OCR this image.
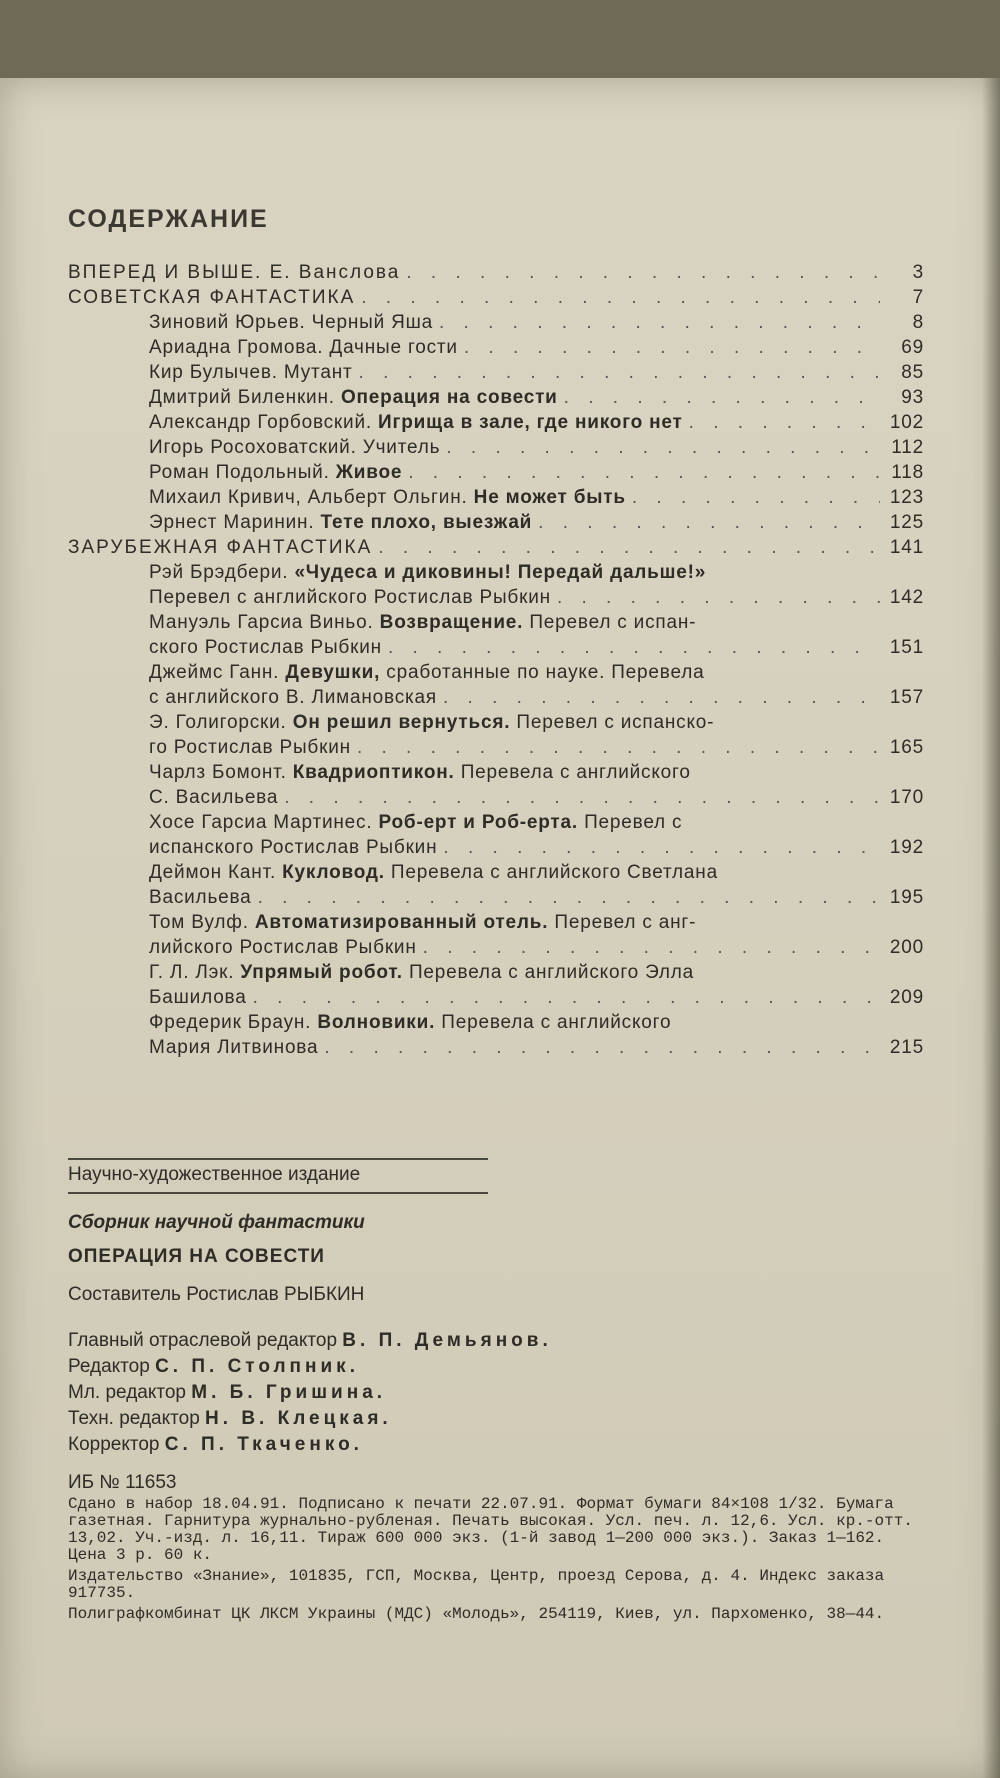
СОДЕРЖАНИЕ
ВПЕРЕД И ВЫШЕ. Е. Ванслова . . .	3
СОВЕТСКАЯ ФАНТАСТИКА . . .	7
Зиновий Юрьев. Черный Яша . . .	8
Ариадна Громова. Дачные гости . . .	69
Кир Булычев. Мутант . . .	85
Дмитрий Биленкин. Операция на совести . . .	93
Александр Горбовский. Игрища в зале, где никого нет . . .	102
Игорь Росоховатский. Учитель . . .	112
Роман Подольный. Живое . . .	118
Михаил Кривич, Альберт Ольгин. Не может быть . . .	123
Эрнест Маринин. Тете плохо, выезжай . . .	125
ЗАРУБЕЖНАЯ ФАНТАСТИКА . . .	141
Рэй Брэдбери. «Чудеса и диковины! Передай дальше!»
Перевел с английского Ростислав Рыбкин . . .	142
Мануэль Гарсиа Виньо. Возвращение. Перевел с испан-
ского Ростислав Рыбкин . . .	151
Джеймс Ганн. Девушки, сработанные по науке. Перевела
с английского В. Лимановская . . .	157
Э. Голигорски. Он решил вернуться. Перевел с испанско-
го Ростислав Рыбкин . . .	165
Чарлз Бомонт. Квадриоптикон. Перевела с английского
С. Васильева . . .	170
Хосе Гарсиа Мартинес. Роб-ерт и Роб-ерта. Перевел с
испанского Ростислав Рыбкин . . .	192
Деймон Кант. Кукловод. Перевела с английского Светлана
Васильева . . .	195
Том Вулф. Автоматизированный отель. Перевел с анг-
лийского Ростислав Рыбкин . . .	200
Г. Л. Лэк. Упрямый робот. Перевела с английского Элла
Башилова . . .	209
Фредерик Браун. Волновики. Перевела с английского
Мария Литвинова . . .	215
Научно-художественное издание
Сборник научной фантастики
ОПЕРАЦИЯ НА СОВЕСТИ
Составитель Ростислав РЫБКИН
Главный отраслевой редактор В. П. Демьянов.
Редактор С. П. Столпник.
Мл. редактор М. Б. Гришина.
Техн. редактор Н. В. Клецкая.
Корректор С. П. Ткаченко.
ИБ № 11653
Сдано в набор 18.04.91. Подписано к печати 22.07.91. Формат бумаги 84×108 1/32. Бумага газетная. Гарнитура журнально-рубленая. Печать высокая. Усл. печ. л. 12,6. Усл. кр.-отт. 13,02. Уч.-изд. л. 16,11. Тираж 600 000 экз. (1-й завод 1—200 000 экз.). Заказ 1—162. Цена 3 р. 60 к.
Издательство «Знание», 101835, ГСП, Москва, Центр, проезд Серова, д. 4. Индекс заказа 917735.
Полиграфкомбинат ЦК ЛКСМ Украины (МДС) «Молодь», 254119, Киев, ул. Пархоменко, 38—44.
